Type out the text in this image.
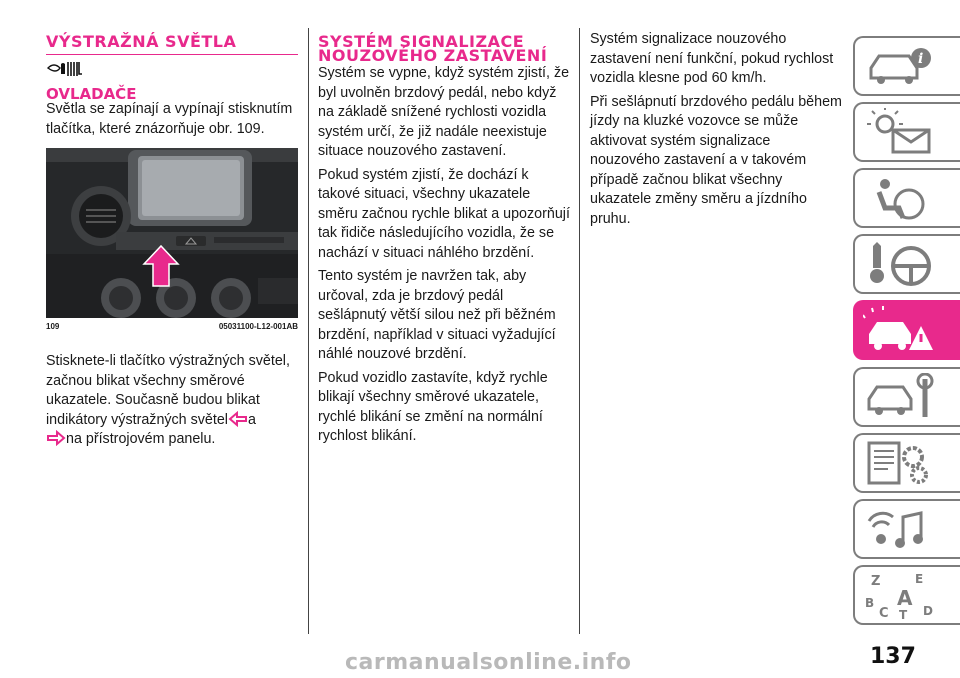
VÝSTRAŽNÁ SVĚTLA
OVLADAČE

Světla se zapínají a vypínají stisknutím tlačítka, které znázorňuje obr. 109.

109	05031100-L12-001AB

Stisknete-li tlačítko výstražných světel,

začnou blikat všechny směrové

ukazatele. Současně budou blikat

indikátory výstražných světel a

na přístrojovém panelu.

SYSTÉM SIGNALIZACE
NOUZOVÉHO ZASTAVENÍ

Systém se vypne, když systém zjistí, že byl uvolněn brzdový pedál, nebo když na základě snížené rychlosti vozidla systém určí, že již nadále neexistuje situace nouzového zastavení.

Pokud systém zjistí, že dochází k takové situaci, všechny ukazatele směru začnou rychle blikat a upozorňují tak řidiče následujícího vozidla, že se nachází v situaci náhlého brzdění.

Tento systém je navržen tak, aby určoval, zda je brzdový pedál sešlápnutý větší silou než při běžném brzdění, například v situaci vyžadující náhlé nouzové brzdění.

Pokud vozidlo zastavíte, když rychle blikají všechny směrové ukazatele, rychlé blikání se změní na normální rychlost blikání.

Systém signalizace nouzového zastavení není funkční, pokud rychlost vozidla klesne pod 60 km/h.

Při sešlápnutí brzdového pedálu během jízdy na kluzké vozovce se může aktivovat systém signalizace nouzového zastavení a v takovém případě začnou blikat všechny ukazatele změny směru a jízdního pruhu.

i
Z	E
A
B
C	D
T
137
carmanualsonline.info
